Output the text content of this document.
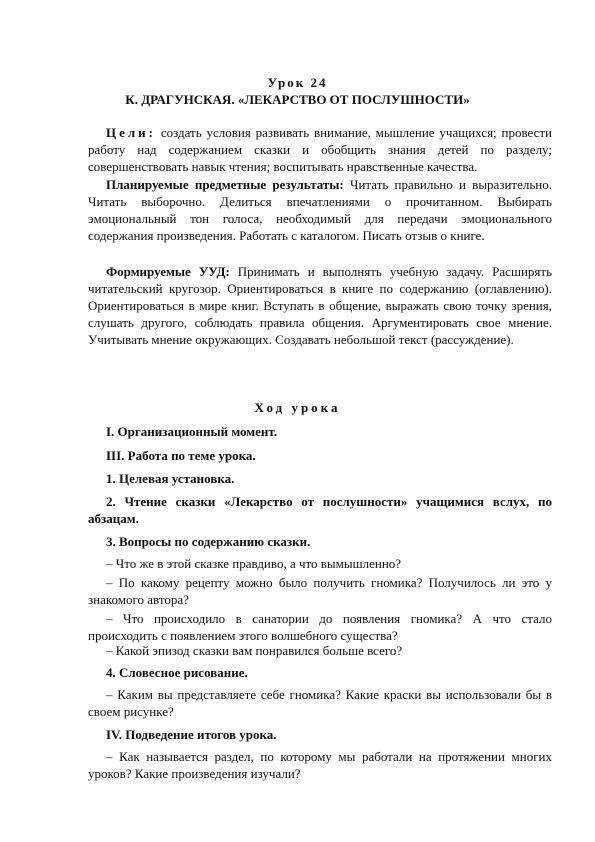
Урок 24
К. ДРАГУНСКАЯ. «ЛЕКАРСТВО ОТ ПОСЛУШНОСТИ»

Цели: создать условия развивать внимание, мышление учащихся; провести работу над содержанием сказки и обобщить знания детей по разделу; совершенствовать навык чтения; воспитывать нравственные качества.

Планируемые предметные результаты: Читать правильно и выразительно. Читать выборочно. Делиться впечатлениями о прочитанном. Выбирать эмоциональный тон голоса, необходимый для передачи эмоционального содержания произведения. Работать с каталогом. Писать отзыв о книге.

Формируемые УУД: Принимать и выполнять учебную задачу. Расширять читательский кругозор. Ориентироваться в книге по содержанию (оглавлению). Ориентироваться в мире книг. Вступать в общение, выражать свою точку зрения, слушать другого, соблюдать правила общения. Аргументировать свое мнение. Учитывать мнение окружающих. Создавать небольшой текст (рассуждение).

Ход урока

I. Организационный момент.

III. Работа по теме урока.

1. Целевая установка.

2. Чтение сказки «Лекарство от послушности» учащимися вслух, по абзацам.

3. Вопросы по содержанию сказки.

– Что же в этой сказке правдиво, а что вымышленно?

– По какому рецепту можно было получить гномика? Получилось ли это у знакомого автора?

– Что происходило в санатории до появления гномика? А что стало происходить с появлением этого волшебного существа?

– Какой эпизод сказки вам понравился больше всего?

4. Словесное рисование.

– Каким вы представляете себе гномика? Какие краски вы использовали бы в своем рисунке?

IV. Подведение итогов урока.

– Как называется раздел, по которому мы работали на протяжении многих уроков? Какие произведения изучали?
